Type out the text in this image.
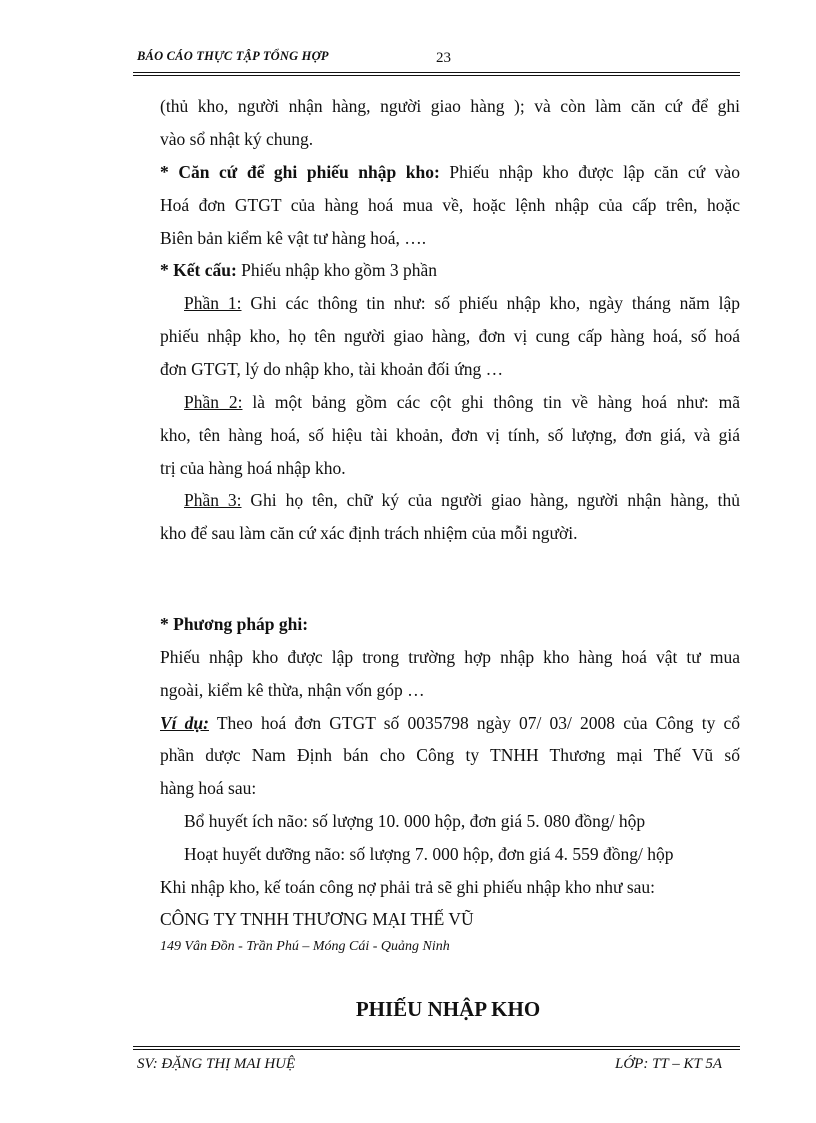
BÁO CÁO THỰC TẬP TỔNG HỢP	23
(thủ kho, người nhận hàng, người giao hàng ); và còn làm căn cứ để ghi
vào sổ nhật ký chung.
* Căn cứ để ghi phiếu nhập kho: Phiếu nhập kho được lập căn cứ vào
Hoá đơn GTGT của hàng hoá mua về, hoặc lệnh nhập của cấp trên, hoặc
Biên bản kiểm kê vật tư hàng hoá, ….
* Kết cấu: Phiếu nhập kho gồm 3 phần
Phần 1: Ghi các thông tin như: số phiếu nhập kho, ngày tháng năm lập
phiếu nhập kho, họ tên người giao hàng, đơn vị cung cấp hàng hoá, số hoá
đơn GTGT, lý do nhập kho, tài khoản đối ứng …
Phần 2: là một bảng gồm các cột ghi thông tin về hàng hoá như: mã
kho, tên hàng hoá, số hiệu tài khoản, đơn vị tính, số lượng, đơn giá, và giá
trị của hàng hoá nhập kho.
Phần 3: Ghi họ tên, chữ ký của người giao hàng, người nhận hàng, thủ
kho để sau làm căn cứ xác định trách nhiệm của mỗi người.
* Phương pháp ghi:
Phiếu nhập kho được lập trong trường hợp nhập kho hàng hoá vật tư mua
ngoài, kiểm kê thừa, nhận vốn góp …
Ví dụ: Theo hoá đơn GTGT số 0035798 ngày 07/ 03/ 2008 của Công ty cổ
phần dược Nam Định bán cho Công ty TNHH Thương mại Thế Vũ số
hàng hoá sau:
Bổ huyết ích não: số lượng 10. 000 hộp, đơn giá 5. 080 đồng/ hộp
Hoạt huyết dưỡng não: số lượng 7. 000 hộp, đơn giá 4. 559 đồng/ hộp
Khi nhập kho, kế toán công nợ phải trả sẽ ghi phiếu nhập kho như sau:
CÔNG TY TNHH THƯƠNG MẠI THẾ VŨ
149 Vân Đồn - Trần Phú – Móng Cái - Quảng Ninh
PHIẾU NHẬP KHO
SV: ĐẶNG THỊ MAI HUỆ	LỚP: TT – KT 5A
